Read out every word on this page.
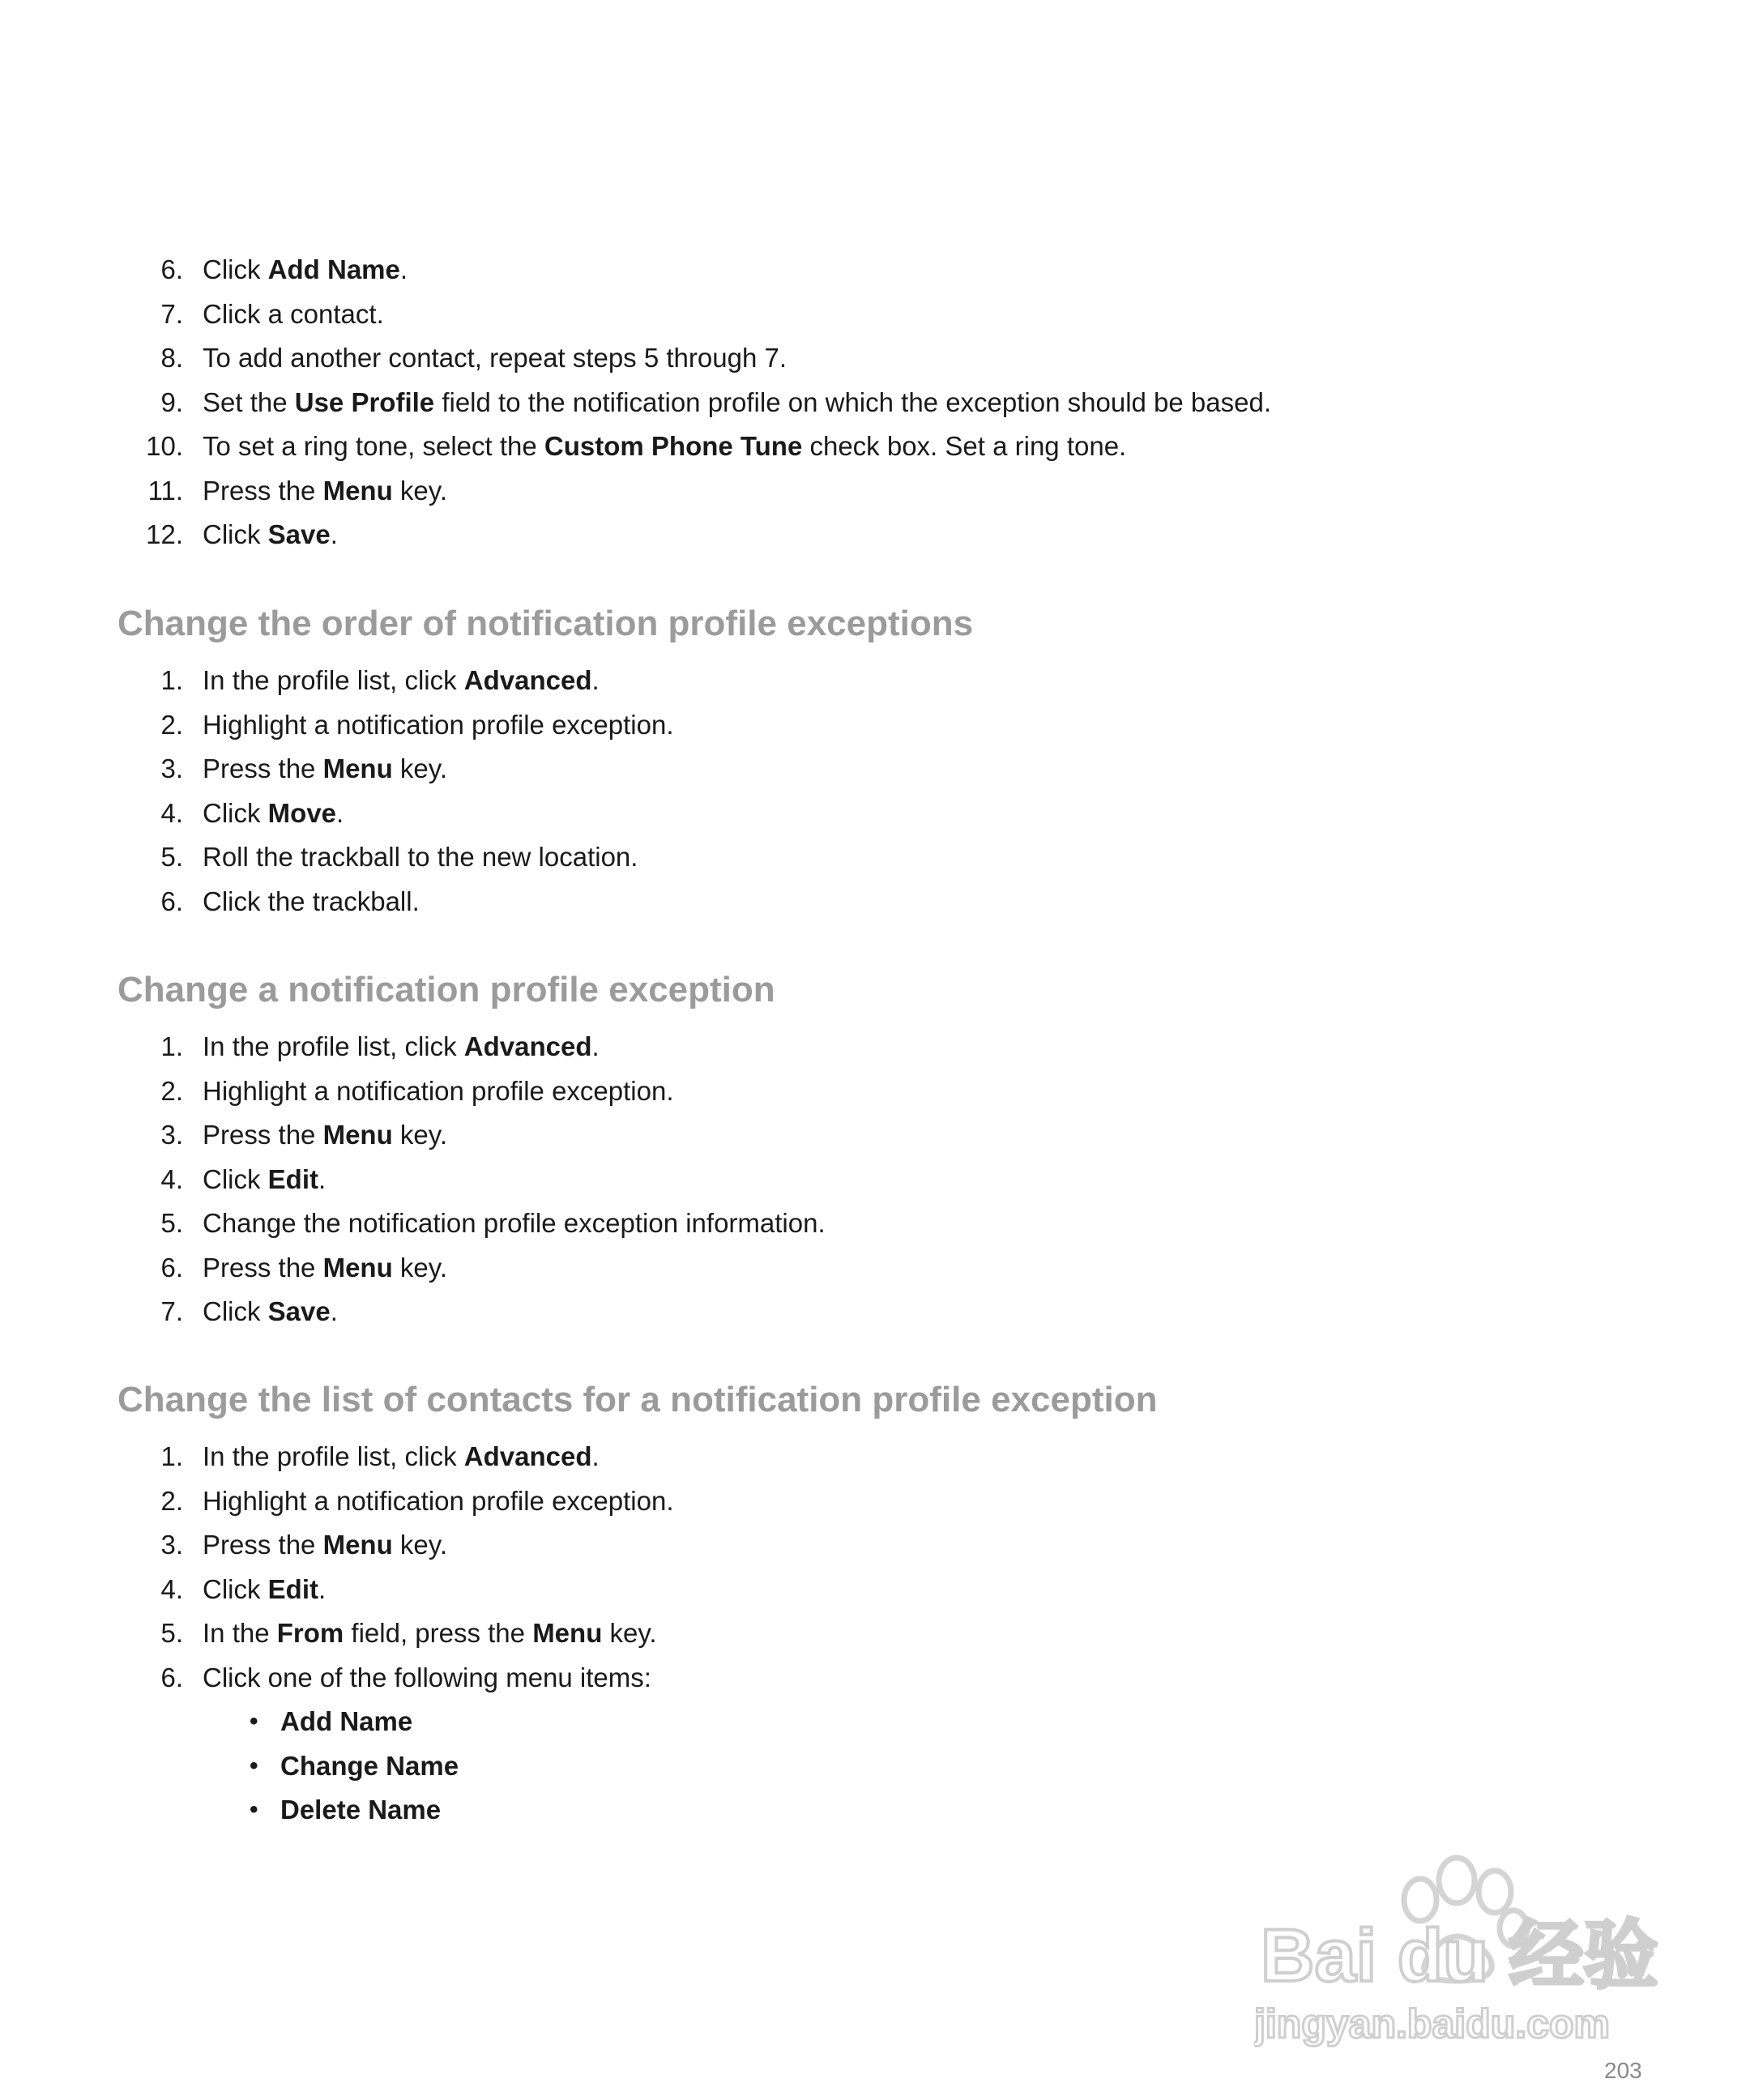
6. Click Add Name.
7. Click a contact.
8. To add another contact, repeat steps 5 through 7.
9. Set the Use Profile field to the notification profile on which the exception should be based.
10. To set a ring tone, select the Custom Phone Tune check box. Set a ring tone.
11. Press the Menu key.
12. Click Save.
Change the order of notification profile exceptions
1. In the profile list, click Advanced.
2. Highlight a notification profile exception.
3. Press the Menu key.
4. Click Move.
5. Roll the trackball to the new location.
6. Click the trackball.
Change a notification profile exception
1. In the profile list, click Advanced.
2. Highlight a notification profile exception.
3. Press the Menu key.
4. Click Edit.
5. Change the notification profile exception information.
6. Press the Menu key.
7. Click Save.
Change the list of contacts for a notification profile exception
1. In the profile list, click Advanced.
2. Highlight a notification profile exception.
3. Press the Menu key.
4. Click Edit.
5. In the From field, press the Menu key.
6. Click one of the following menu items:
• Add Name
• Change Name
• Delete Name
Bai du 经验
jingyan.baidu.com
203
